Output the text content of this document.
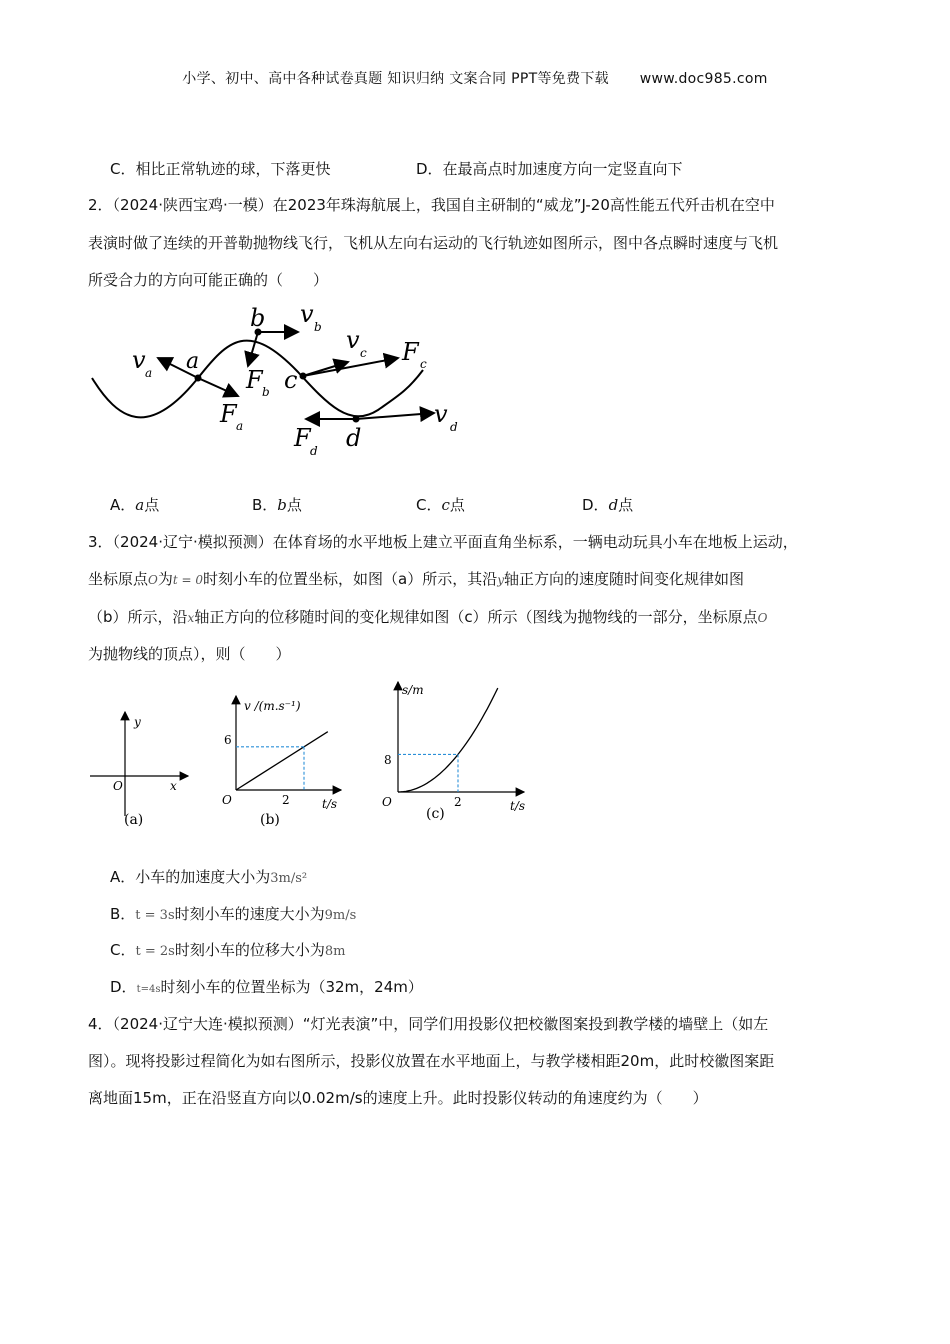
小学、初中、高中各种试卷真题 知识归纳 文案合同 PPT等免费下载 www.doc985.com
C．相比正常轨迹的球，下落更快	D．在最高点时加速度方向一定竖直向下
2．（2024·陕西宝鸡·一模）在2023年珠海航展上，我国自主研制的“威龙”J-20高性能五代歼击机在空中
表演时做了连续的开普勒抛物线飞行，飞机从左向右运动的飞行轨迹如图所示，图中各点瞬时速度与飞机
所受合力的方向可能正确的（　　）
a
v a
F a
b v b
F b c
v c F c
d
v d
F d
A．a点	B．b点	C．c点	D．d点
3．（2024·辽宁·模拟预测）在体育场的水平地板上建立平面直角坐标系，一辆电动玩具小车在地板上运动，
坐标原点O为t = 0时刻小车的位置坐标，如图（a）所示，其沿y轴正方向的速度随时间变化规律如图
（b）所示，沿x轴正方向的位移随时间的变化规律如图（c）所示（图线为抛物线的一部分，坐标原点O
为抛物线的顶点），则（　　）
y
x
O
(a)
v /(m.s⁻¹)
6
2
O	t/s
(b)
s/m
8
2
O	t/s
(c)
A．小车的加速度大小为3m/s²
B．t = 3s时刻小车的速度大小为9m/s
C．t = 2s时刻小车的位移大小为8m
D．t=4s时刻小车的位置坐标为（32m，24m）
4．（2024·辽宁大连·模拟预测）“灯光表演”中，同学们用投影仪把校徽图案投到教学楼的墙壁上（如左
图）。现将投影过程简化为如右图所示，投影仪放置在水平地面上，与教学楼相距20m，此时校徽图案距
离地面15m，正在沿竖直方向以0.02m/s的速度上升。此时投影仪转动的角速度约为（　　）
